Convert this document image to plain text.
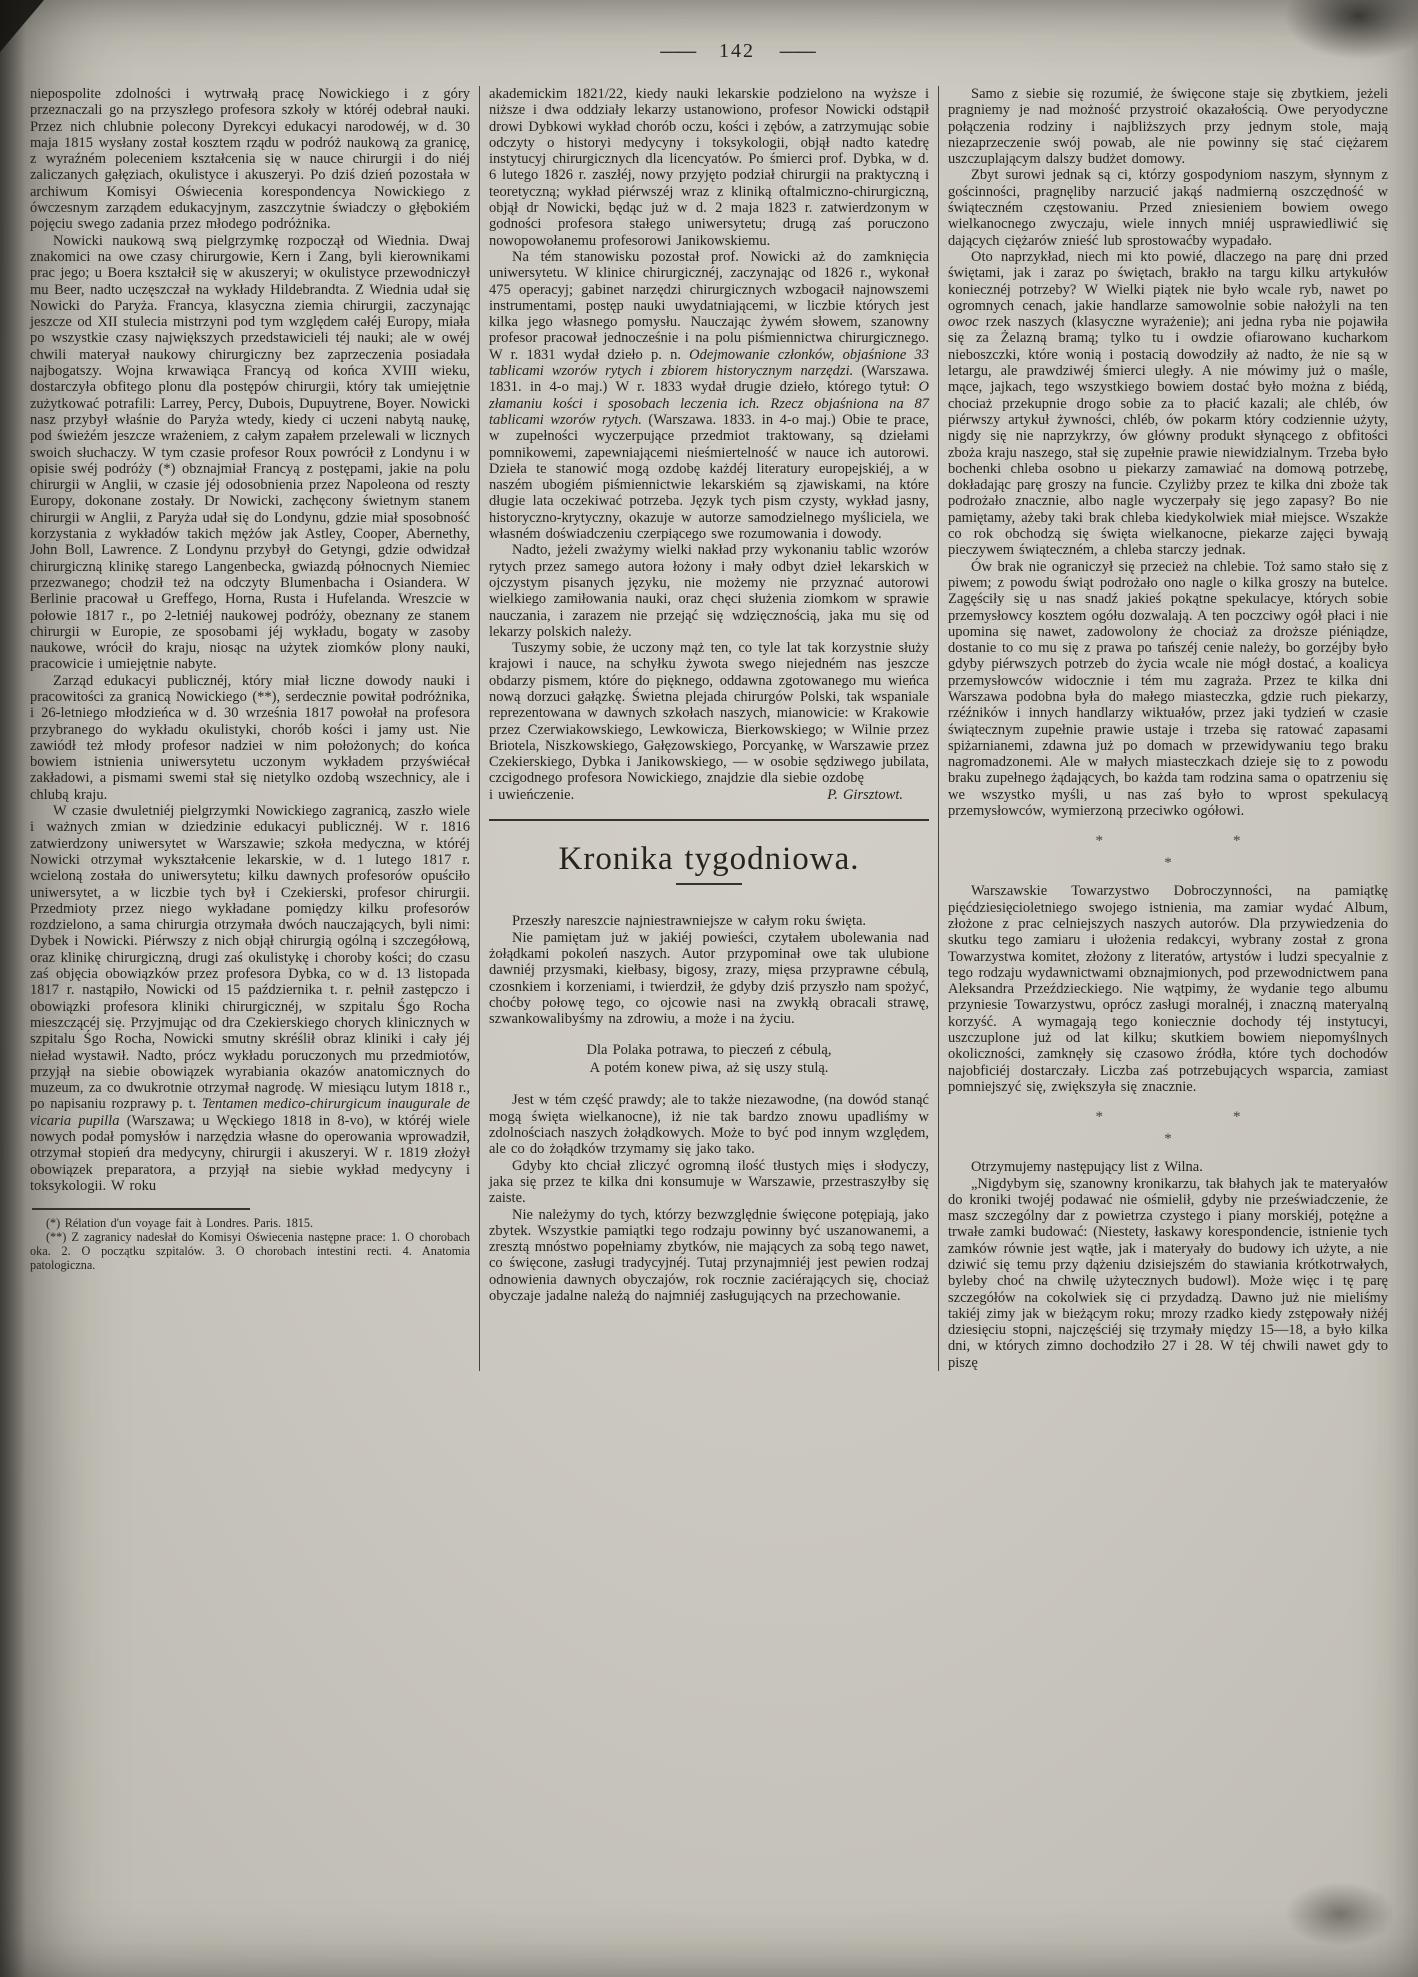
—— 142 ——

niepospolite zdolności i wytrwałą pracę Nowickiego i z góry przeznaczali go na przyszłego profesora szkoły w któréj odebrał nauki. Przez nich chlubnie polecony Dyrekcyi edukacyi narodowéj, w d. 30 maja 1815 wysłany został kosztem rządu w podróż naukową za granicę, z wyraźném poleceniem kształcenia się w nauce chirurgii i do niéj zaliczanych gałęziach, okulistyce i akuszeryi. Po dziś dzień pozostała w archiwum Komisyi Oświecenia korespondencya Nowickiego z ówczesnym zarządem edukacyjnym, zaszczytnie świadczy o głębokiém pojęciu swego zadania przez młodego podróżnika.

Nowicki naukową swą pielgrzymkę rozpoczął od Wiednia. Dwaj znakomici na owe czasy chirurgowie, Kern i Zang, byli kierownikami prac jego; u Boera kształcił się w akuszeryi; w okulistyce przewodniczył mu Beer, nadto uczęszczał na wykłady Hildebrandta. Z Wiednia udał się Nowicki do Paryża. Francya, klasyczna ziemia chirurgii, zaczynając jeszcze od XII stulecia mistrzyni pod tym względem całéj Europy, miała po wszystkie czasy największych przedstawicieli téj nauki; ale w owéj chwili materyał naukowy chirurgiczny bez zaprzeczenia posiadała najbogatszy. Wojna krwawiąca Francyą od końca XVIII wieku, dostarczyła obfitego plonu dla postępów chirurgii, który tak umiejętnie zużytkować potrafili: Larrey, Percy, Dubois, Dupuytrene, Boyer. Nowicki nasz przybył właśnie do Paryża wtedy, kiedy ci uczeni nabytą naukę, pod świeżém jeszcze wrażeniem, z całym zapałem przelewali w licznych swoich słuchaczy. W tym czasie profesor Roux powrócił z Londynu i w opisie swéj podróży (*) obznajmiał Francyą z postępami, jakie na polu chirurgii w Anglii, w czasie jéj odosobnienia przez Napoleona od reszty Europy, dokonane zostały. Dr Nowicki, zachęcony świetnym stanem chirurgii w Anglii, z Paryża udał się do Londynu, gdzie miał sposobność korzystania z wykładów takich mężów jak Astley, Cooper, Abernethy, John Boll, Lawrence. Z Londynu przybył do Getyngi, gdzie odwidzał chirurgiczną klinikę starego Langenbecka, gwiazdą północnych Niemiec przezwanego; chodził też na odczyty Blumenbacha i Osiandera. W Berlinie pracował u Greffego, Horna, Rusta i Hufelanda. Wreszcie w połowie 1817 r., po 2-letniéj naukowej podróży, obeznany ze stanem chirurgii w Europie, ze sposobami jéj wykładu, bogaty w zasoby naukowe, wrócił do kraju, niosąc na użytek ziomków plony nauki, pracowicie i umiejętnie nabyte.

Zarząd edukacyi publicznéj, który miał liczne dowody nauki i pracowitości za granicą Nowickiego (**), serdecznie powitał podróżnika, i 26-letniego młodzieńca w d. 30 września 1817 powołał na profesora przybranego do wykładu okulistyki, chorób kości i jamy ust. Nie zawiódł też młody profesor nadziei w nim położonych; do końca bowiem istnienia uniwersytetu uczonym wykładem przyświécał zakładowi, a pismami swemi stał się nietylko ozdobą wszechnicy, ale i chlubą kraju.

W czasie dwuletniéj pielgrzymki Nowickiego zagranicą, zaszło wiele i ważnych zmian w dziedzinie edukacyi publicznéj. W r. 1816 zatwierdzony uniwersytet w Warszawie; szkoła medyczna, w któréj Nowicki otrzymał wykształcenie lekarskie, w d. 1 lutego 1817 r. wcieloną została do uniwersytetu; kilku dawnych profesorów opuściło uniwersytet, a w liczbie tych był i Czekierski, profesor chirurgii. Przedmioty przez niego wykładane pomiędzy kilku profesorów rozdzielono, a sama chirurgia otrzymała dwóch nauczających, byli nimi: Dybek i Nowicki. Piérwszy z nich objął chirurgią ogólną i szczegółową, oraz klinikę chirurgiczną, drugi zaś okulistykę i choroby kości; do czasu zaś objęcia obowiązków przez profesora Dybka, co w d. 13 listopada 1817 r. nastąpiło, Nowicki od 15 października t. r. pełnił zastępczo i obowiązki profesora kliniki chirurgicznéj, w szpitalu Śgo Rocha mieszczącéj się. Przyjmując od dra Czekierskiego chorych klinicznych w szpitalu Śgo Rocha, Nowicki smutny skréślił obraz kliniki i cały jéj nieład wystawił. Nadto, prócz wykładu poruczonych mu przedmiotów, przyjął na siebie obowiązek wyrabiania okazów anatomicznych do muzeum, za co dwukrotnie otrzymał nagrodę. W miesiącu lutym 1818 r., po napisaniu rozprawy p. t. Tentamen medico-chirurgicum inaugurale de vicaria pupilla (Warszawa; u Węckiego 1818 in 8-vo), w któréj wiele nowych podał pomysłów i narzędzia własne do operowania wprowadził, otrzymał stopień dra medycyny, chirurgii i akuszeryi. W r. 1819 złożył obowiązek preparatora, a przyjął na siebie wykład medycyny i toksykologii. W roku

(*) Rélation d'un voyage fait à Londres. Paris. 1815.

(**) Z zagranicy nadesłał do Komisyi Oświecenia następne prace: 1. O chorobach oka. 2. O początku szpitalów. 3. O chorobach intestini recti. 4. Anatomia patologiczna.

akademickim 1821/22, kiedy nauki lekarskie podzielono na wyższe i niższe i dwa oddziały lekarzy ustanowiono, profesor Nowicki odstąpił drowi Dybkowi wykład chorób oczu, kości i zębów, a zatrzymując sobie odczyty o historyi medycyny i toksykologii, objął nadto katedrę instytucyj chirurgicznych dla licencyatów. Po śmierci prof. Dybka, w d. 6 lutego 1826 r. zaszłéj, nowy przyjęto podział chirurgii na praktyczną i teoretyczną; wykład piérwszéj wraz z kliniką oftalmiczno-chirurgiczną, objął dr Nowicki, będąc już w d. 2 maja 1823 r. zatwierdzonym w godności profesora stałego uniwersytetu; drugą zaś poruczono nowopowołanemu profesorowi Janikowskiemu.

Na tém stanowisku pozostał prof. Nowicki aż do zamknięcia uniwersytetu. W klinice chirurgicznéj, zaczynając od 1826 r., wykonał 475 operacyj; gabinet narzędzi chirurgicznych wzbogacił najnowszemi instrumentami, postęp nauki uwydatniającemi, w liczbie których jest kilka jego własnego pomysłu. Nauczając żywém słowem, szanowny profesor pracował jednocześnie i na polu piśmiennictwa chirurgicznego. W r. 1831 wydał dzieło p. n. Odejmowanie członków, objaśnione 33 tablicami wzorów rytych i zbiorem historycznym narzędzi. (Warszawa. 1831. in 4-o maj.) W r. 1833 wydał drugie dzieło, którego tytuł: O złamaniu kości i sposobach leczenia ich. Rzecz objaśniona na 87 tablicami wzorów rytych. (Warszawa. 1833. in 4-o maj.) Obie te prace, w zupełności wyczerpujące przedmiot traktowany, są dziełami pomnikowemi, zapewniającemi nieśmiertelność w nauce ich autorowi. Dzieła te stanowić mogą ozdobę każdéj literatury europejskiéj, a w naszém ubogiém piśmiennictwie lekarskiém są zjawiskami, na które długie lata oczekiwać potrzeba. Język tych pism czysty, wykład jasny, historyczno-krytyczny, okazuje w autorze samodzielnego myśliciela, we własném doświadczeniu czerpiącego swe rozumowania i dowody.

Nadto, jeżeli zważymy wielki nakład przy wykonaniu tablic wzorów rytych przez samego autora łożony i mały odbyt dzieł lekarskich w ojczystym pisanych języku, nie możemy nie przyznać autorowi wielkiego zamiłowania nauki, oraz chęci służenia ziomkom w sprawie nauczania, i zarazem nie przejąć się wdzięcznością, jaka mu się od lekarzy polskich należy.

Tuszymy sobie, że uczony mąż ten, co tyle lat tak korzystnie służy krajowi i nauce, na schyłku żywota swego niejedném nas jeszcze obdarzy pismem, które do pięknego, oddawna zgotowanego mu wieńca nową dorzuci gałązkę. Świetna plejada chirurgów Polski, tak wspaniale reprezentowana w dawnych szkołach naszych, mianowicie: w Krakowie przez Czerwiakowskiego, Lewkowicza, Bierkowskiego; w Wilnie przez Briotela, Niszkowskiego, Gałęzowskiego, Porcyankę, w Warszawie przez Czekierskiego, Dybka i Janikowskiego, — w osobie sędziwego jubilata, czcigodnego profesora Nowickiego, znajdzie dla siebie ozdobę

i uwieńczenie.	P. Girsztowt.
Kronika tygodniowa.

Przeszły nareszcie najniestrawniejsze w całym roku święta.

Nie pamiętam już w jakiéj powieści, czytałem ubolewania nad żołądkami pokoleń naszych. Autor przypominał owe tak ulubione dawniéj przysmaki, kiełbasy, bigosy, zrazy, mięsa przyprawne cébulą, czosnkiem i korzeniami, i twierdził, że gdyby dziś przyszło nam spożyć, choćby połowę tego, co ojcowie nasi na zwykłą obracali strawę, szwankowalibyśmy na zdrowiu, a może i na życiu.

Dla Polaka potrawa, to pieczeń z cébulą,
A potém konew piwa, aż się uszy stulą.

Jest w tém część prawdy; ale to także niezawodne, (na dowód stanąć mogą święta wielkanocne), iż nie tak bardzo znowu upadliśmy w zdolnościach naszych żołądkowych. Może to być pod innym względem, ale co do żołądków trzymamy się jako tako.

Gdyby kto chciał zliczyć ogromną ilość tłustych mięs i słodyczy, jaka się przez te kilka dni konsumuje w Warszawie, przestraszyłby się zaiste.

Nie należymy do tych, którzy bezwzględnie święcone potępiają, jako zbytek. Wszystkie pamiątki tego rodzaju powinny być uszanowanemi, a zresztą mnóstwo popełniamy zbytków, nie mających za sobą tego nawet, co święcone, zasługi tradycyjnéj. Tutaj przynajmniéj jest pewien rodzaj odnowienia dawnych obyczajów, rok rocznie zaciérających się, chociaż obyczaje jadalne należą do najmniéj zasługujących na przechowanie.

Samo z siebie się rozumié, że święcone staje się zbytkiem, jeżeli pragniemy je nad możność przystroić okazałością. Owe peryodyczne połączenia rodziny i najbliższych przy jednym stole, mają niezaprzeczenie swój powab, ale nie powinny się stać ciężarem uszczuplającym dalszy budżet domowy.

Zbyt surowi jednak są ci, którzy gospodyniom naszym, słynnym z gościnności, pragnęliby narzucić jakąś nadmierną oszczędność w świąteczném częstowaniu. Przed zniesieniem bowiem owego wielkanocnego zwyczaju, wiele innych mniéj usprawiedliwić się dających ciężarów znieść lub sprostowaćby wypadało.

Oto naprzykład, niech mi kto powié, dlaczego na parę dni przed świętami, jak i zaraz po świętach, brakło na targu kilku artykułów koniecznéj potrzeby? W Wielki piątek nie było wcale ryb, nawet po ogromnych cenach, jakie handlarze samowolnie sobie nałożyli na ten owoc rzek naszych (klasyczne wyrażenie); ani jedna ryba nie pojawiła się za Żelazną bramą; tylko tu i owdzie ofiarowano kucharkom nieboszczki, które wonią i postacią dowodziły aż nadto, że nie są w letargu, ale prawdziwéj śmierci uległy. A nie mówimy już o maśle, mące, jajkach, tego wszystkiego bowiem dostać było można z biédą, chociaż przekupnie drogo sobie za to płacić kazali; ale chléb, ów piérwszy artykuł żywności, chléb, ów pokarm który codziennie użyty, nigdy się nie naprzykrzy, ów główny produkt słynącego z obfitości zboża kraju naszego, stał się zupełnie prawie niewidzialnym. Trzeba było bochenki chleba osobno u piekarzy zamawiać na domową potrzebę, dokładając parę groszy na funcie. Czyliżby przez te kilka dni zboże tak podrożało znacznie, albo nagle wyczerpały się jego zapasy? Bo nie pamiętamy, ażeby taki brak chleba kiedykolwiek miał miejsce. Wszakże co rok obchodzą się święta wielkanocne, piekarze zajęci bywają pieczywem świąteczném, a chleba starczy jednak.

Ów brak nie ograniczył się przecież na chlebie. Toż samo stało się z piwem; z powodu świąt podrożało ono nagle o kilka groszy na butelce. Zagęściły się u nas snadź jakieś pokątne spekulacye, których sobie przemysłowcy kosztem ogółu dozwalają. A ten poczciwy ogół płaci i nie upomina się nawet, zadowolony że chociaż za droższe piéniądze, dostanie to co mu się z prawa po tańszéj cenie należy, bo gorzéjby było gdyby piérwszych potrzeb do życia wcale nie mógł dostać, a koalicya przemysłowców widocznie i tém mu zagraża. Przez te kilka dni Warszawa podobna była do małego miasteczka, gdzie ruch piekarzy, rzéźników i innych handlarzy wiktuałów, przez jaki tydzień w czasie świątecznym zupełnie prawie ustaje i trzeba się ratować zapasami spiżarnianemi, zdawna już po domach w przewidywaniu tego braku nagromadzonemi. Ale w małych miasteczkach dzieje się to z powodu braku zupełnego żądających, bo każda tam rodzina sama o opatrzeniu się we wszystko myśli, u nas zaś było to wprost spekulacyą przemysłowców, wymierzoną przeciwko ogółowi.

*	*
*

Warszawskie Towarzystwo Dobroczynności, na pamiątkę pięćdziesięcioletniego swojego istnienia, ma zamiar wydać Album, złożone z prac celniejszych naszych autorów. Dla przywiedzenia do skutku tego zamiaru i ułożenia redakcyi, wybrany został z grona Towarzystwa komitet, złożony z literatów, artystów i ludzi specyalnie z tego rodzaju wydawnictwami obznajmionych, pod przewodnictwem pana Aleksandra Przeździeckiego. Nie wątpimy, że wydanie tego albumu przyniesie Towarzystwu, oprócz zasługi moralnéj, i znaczną materyalną korzyść. A wymagają tego koniecznie dochody téj instytucyi, uszczuplone już od lat kilku; skutkiem bowiem niepomyślnych okoliczności, zamknęły się czasowo źródła, które tych dochodów najobficiéj dostarczały. Liczba zaś potrzebujących wsparcia, zamiast pomniejszyć się, zwiększyła się znacznie.

*	*
*

Otrzymujemy następujący list z Wilna.

„Nigdybym się, szanowny kronikarzu, tak błahych jak te materyałów do kroniki twojéj podawać nie ośmielił, gdyby nie przeświadczenie, że masz szczególny dar z powietrza czystego i piany morskiéj, potężne a trwałe zamki budować: (Niestety, łaskawy korespondencie, istnienie tych zamków równie jest wątłe, jak i materyały do budowy ich użyte, a nie dziwić się temu przy dążeniu dzisiejszém do stawiania krótkotrwałych, byleby choć na chwilę użytecznych budowl). Może więc i tę parę szczegółów na cokolwiek się ci przydadzą. Dawno już nie mieliśmy takiéj zimy jak w bieżącym roku; mrozy rzadko kiedy zstępowały niżéj dziesięciu stopni, najczęściéj się trzymały między 15—18, a było kilka dni, w których zimno dochodziło 27 i 28. W téj chwili nawet gdy to piszę
